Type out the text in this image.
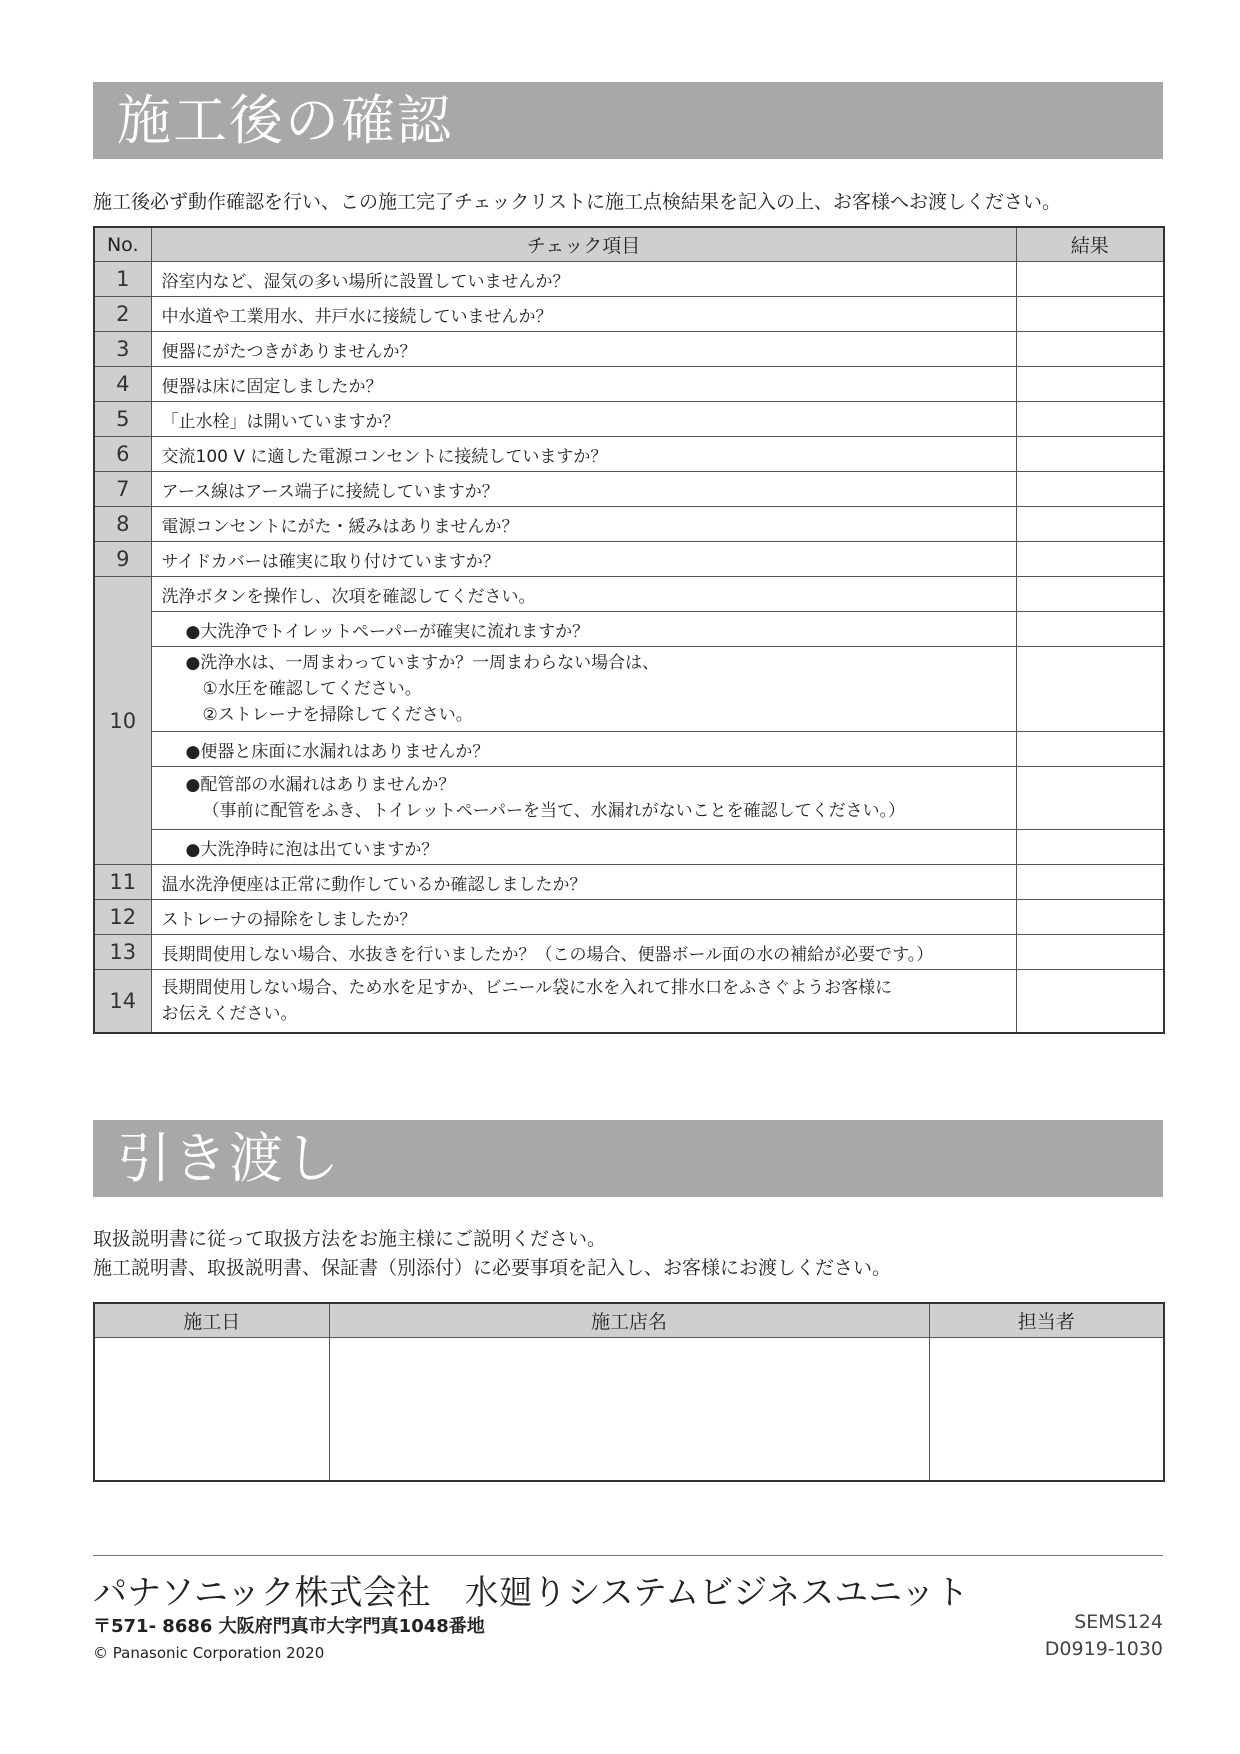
施工後の確認
施工後必ず動作確認を行い、この施工完了チェックリストに施工点検結果を記入の上、お客様へお渡しください。
No.	チェック項目	結果
1	浴室内など、湿気の多い場所に設置していませんか？	
2	中水道や工業用水、井戸水に接続していませんか？	
3	便器にがたつきがありませんか？	
4	便器は床に固定しましたか？	
5	「止水栓」は開いていますか？	
6	交流100 V に適した電源コンセントに接続していますか？	
7	アース線はアース端子に接続していますか？	
8	電源コンセントにがた・緩みはありませんか？	
9	サイドカバーは確実に取り付けていますか？	
10	洗浄ボタンを操作し、次項を確認してください。	
	●大洗浄でトイレットペーパーが確実に流れますか？	

	●洗浄水は、一周まわっていますか？一周まわらない場合は、
①水圧を確認してください。
②ストレーナを掃除してください。	

	●便器と床面に水漏れはありませんか？	

	●配管部の水漏れはありませんか？
（事前に配管をふき、トイレットペーパーを当て、水漏れがないことを確認してください。）	

	●大洗浄時に泡は出ていますか？	
11	温水洗浄便座は正常に動作しているか確認しましたか？	
12	ストレーナの掃除をしましたか？	
13	長期間使用しない場合、水抜きを行いましたか？（この場合、便器ボール面の水の補給が必要です。）	
14	長期間使用しない場合、ため水を足すか、ビニール袋に水を入れて排水口をふさぐようお客様に
お伝えください。	

引き渡し
取扱説明書に従って取扱方法をお施主様にご説明ください。
施工説明書、取扱説明書、保証書（別添付）に必要事項を記入し、お客様にお渡しください。
施工日	施工店名	担当者

パナソニック株式会社　水廻りシステムビジネスユニット
〒571- 8686 大阪府門真市大字門真1048番地
© Panasonic Corporation 2020
SEMS124
D0919-1030
